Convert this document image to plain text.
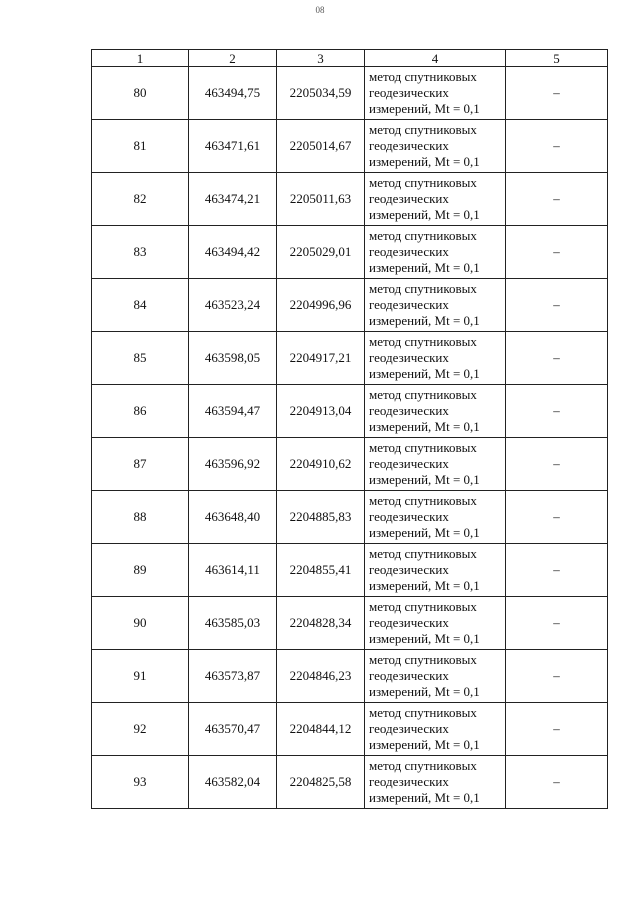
08
1	2	3	4	5
80	463494,75	2205034,59	метод спутниковых
геодезических
измерений, Mt = 0,1	–
81	463471,61	2205014,67	метод спутниковых
геодезических
измерений, Mt = 0,1	–
82	463474,21	2205011,63	метод спутниковых
геодезических
измерений, Mt = 0,1	–
83	463494,42	2205029,01	метод спутниковых
геодезических
измерений, Mt = 0,1	–
84	463523,24	2204996,96	метод спутниковых
геодезических
измерений, Mt = 0,1	–
85	463598,05	2204917,21	метод спутниковых
геодезических
измерений, Mt = 0,1	–
86	463594,47	2204913,04	метод спутниковых
геодезических
измерений, Mt = 0,1	–
87	463596,92	2204910,62	метод спутниковых
геодезических
измерений, Mt = 0,1	–
88	463648,40	2204885,83	метод спутниковых
геодезических
измерений, Mt = 0,1	–
89	463614,11	2204855,41	метод спутниковых
геодезических
измерений, Mt = 0,1	–
90	463585,03	2204828,34	метод спутниковых
геодезических
измерений, Mt = 0,1	–
91	463573,87	2204846,23	метод спутниковых
геодезических
измерений, Mt = 0,1	–
92	463570,47	2204844,12	метод спутниковых
геодезических
измерений, Mt = 0,1	–
93	463582,04	2204825,58	метод спутниковых
геодезических
измерений, Mt = 0,1	–
